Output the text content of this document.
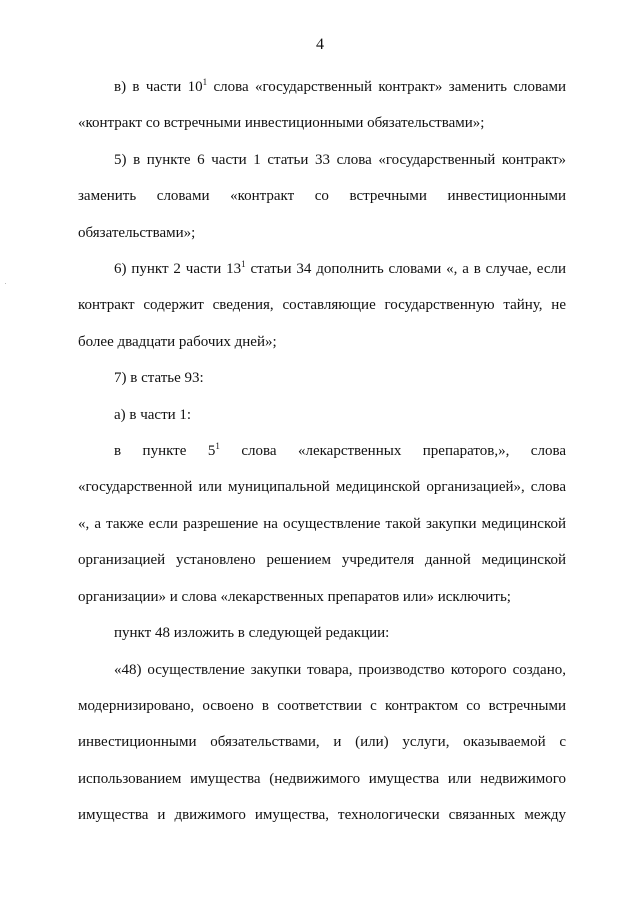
4

в) в части $10^1$ слова «государственный контракт» заменить словами «контракт со встречными инвестиционными обязательствами»;

5) в пункте 6 части 1 статьи 33 слова «государственный контракт» заменить словами «контракт со встречными инвестиционными обязательствами»;

6) пункт 2 части $13^1$ статьи 34 дополнить словами «, а в случае, если контракт содержит сведения, составляющие государственную тайну, не более двадцати рабочих дней»;

7) в статье 93:

а) в части 1:

в пункте $5^1$ слова «лекарственных препаратов,», слова «государственной или муниципальной медицинской организацией», слова «, а также если разрешение на осуществление такой закупки медицинской организацией установлено решением учредителя данной медицинской организации» и слова «лекарственных препаратов или» исключить;

пункт 48 изложить в следующей редакции:

«48) осуществление закупки товара, производство которого создано, модернизировано, освоено в соответствии с контрактом со встречными инвестиционными обязательствами, и (или) услуги, оказываемой с использованием имущества (недвижимого имущества или недвижимого имущества и движимого имущества, технологически связанных между
